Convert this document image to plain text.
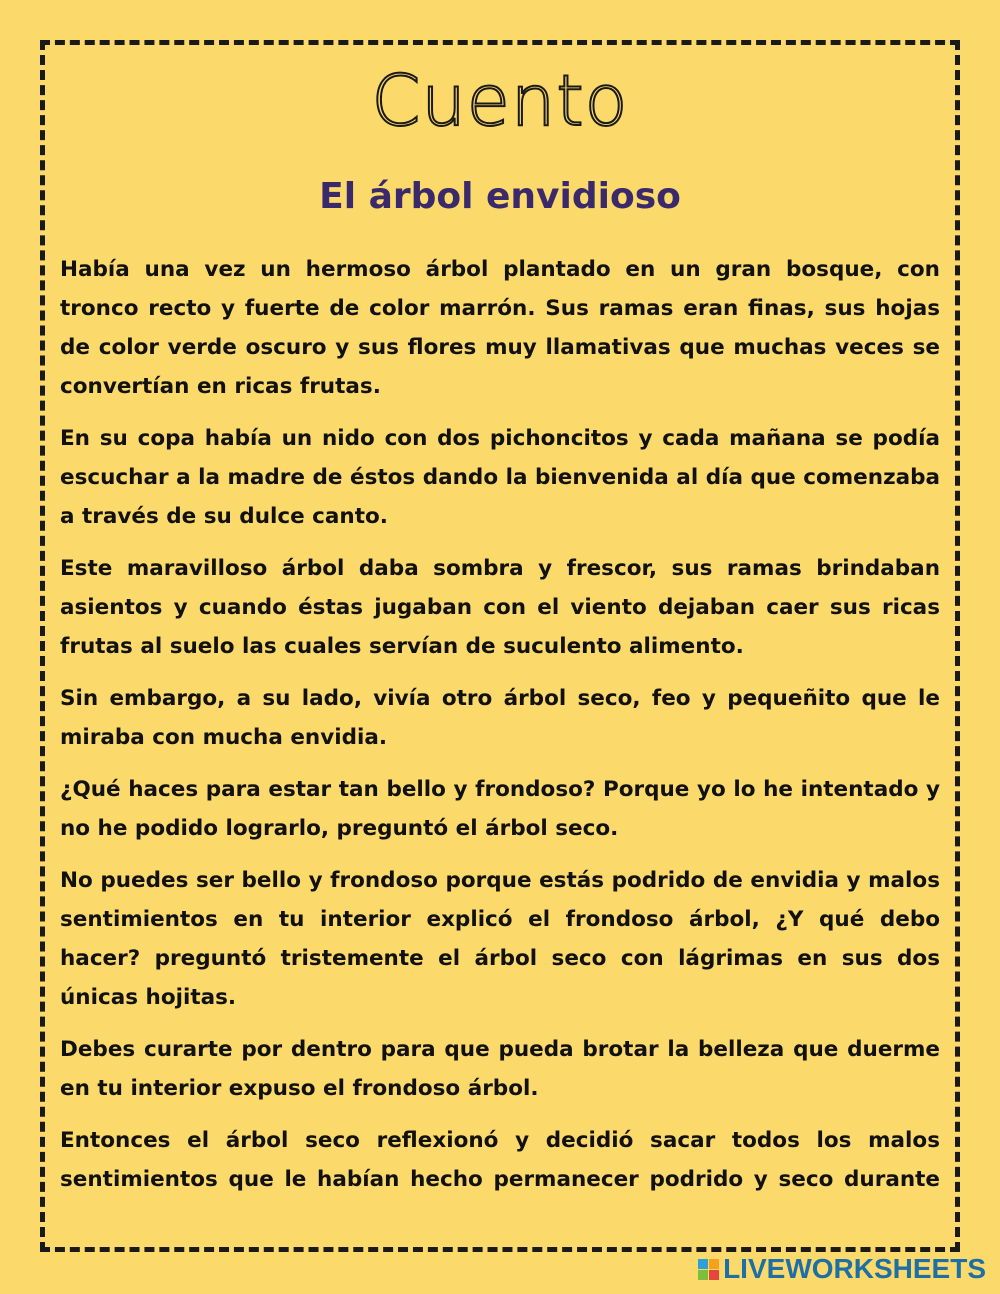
Cuento
El árbol envidioso

Había una vez un hermoso árbol plantado en un gran bosque, con tronco recto y fuerte de color marrón. Sus ramas eran finas, sus hojas de color verde oscuro y sus flores muy llamativas que muchas veces se convertían en ricas frutas.

En su copa había un nido con dos pichoncitos y cada mañana se podía escuchar a la madre de éstos dando la bienvenida al día que comenzaba a través de su dulce canto.

Este maravilloso árbol daba sombra y frescor, sus ramas brindaban asientos y cuando éstas jugaban con el viento dejaban caer sus ricas frutas al suelo las cuales servían de suculento alimento.

Sin embargo, a su lado, vivía otro árbol seco, feo y pequeñito que le miraba con mucha envidia.

¿Qué haces para estar tan bello y frondoso? Porque yo lo he intentado y no he podido lograrlo, preguntó el árbol seco.

No puedes ser bello y frondoso porque estás podrido de envidia y malos sentimientos en tu interior explicó el frondoso árbol, ¿Y qué debo hacer? preguntó tristemente el árbol seco con lágrimas en sus dos únicas hojitas.

Debes curarte por dentro para que pueda brotar la belleza que duerme en tu interior expuso el frondoso árbol.

Entonces el árbol seco reflexionó y decidió sacar todos los malos sentimientos que le habían hecho permanecer podrido y seco durante

LIVEWORKSHEETS
